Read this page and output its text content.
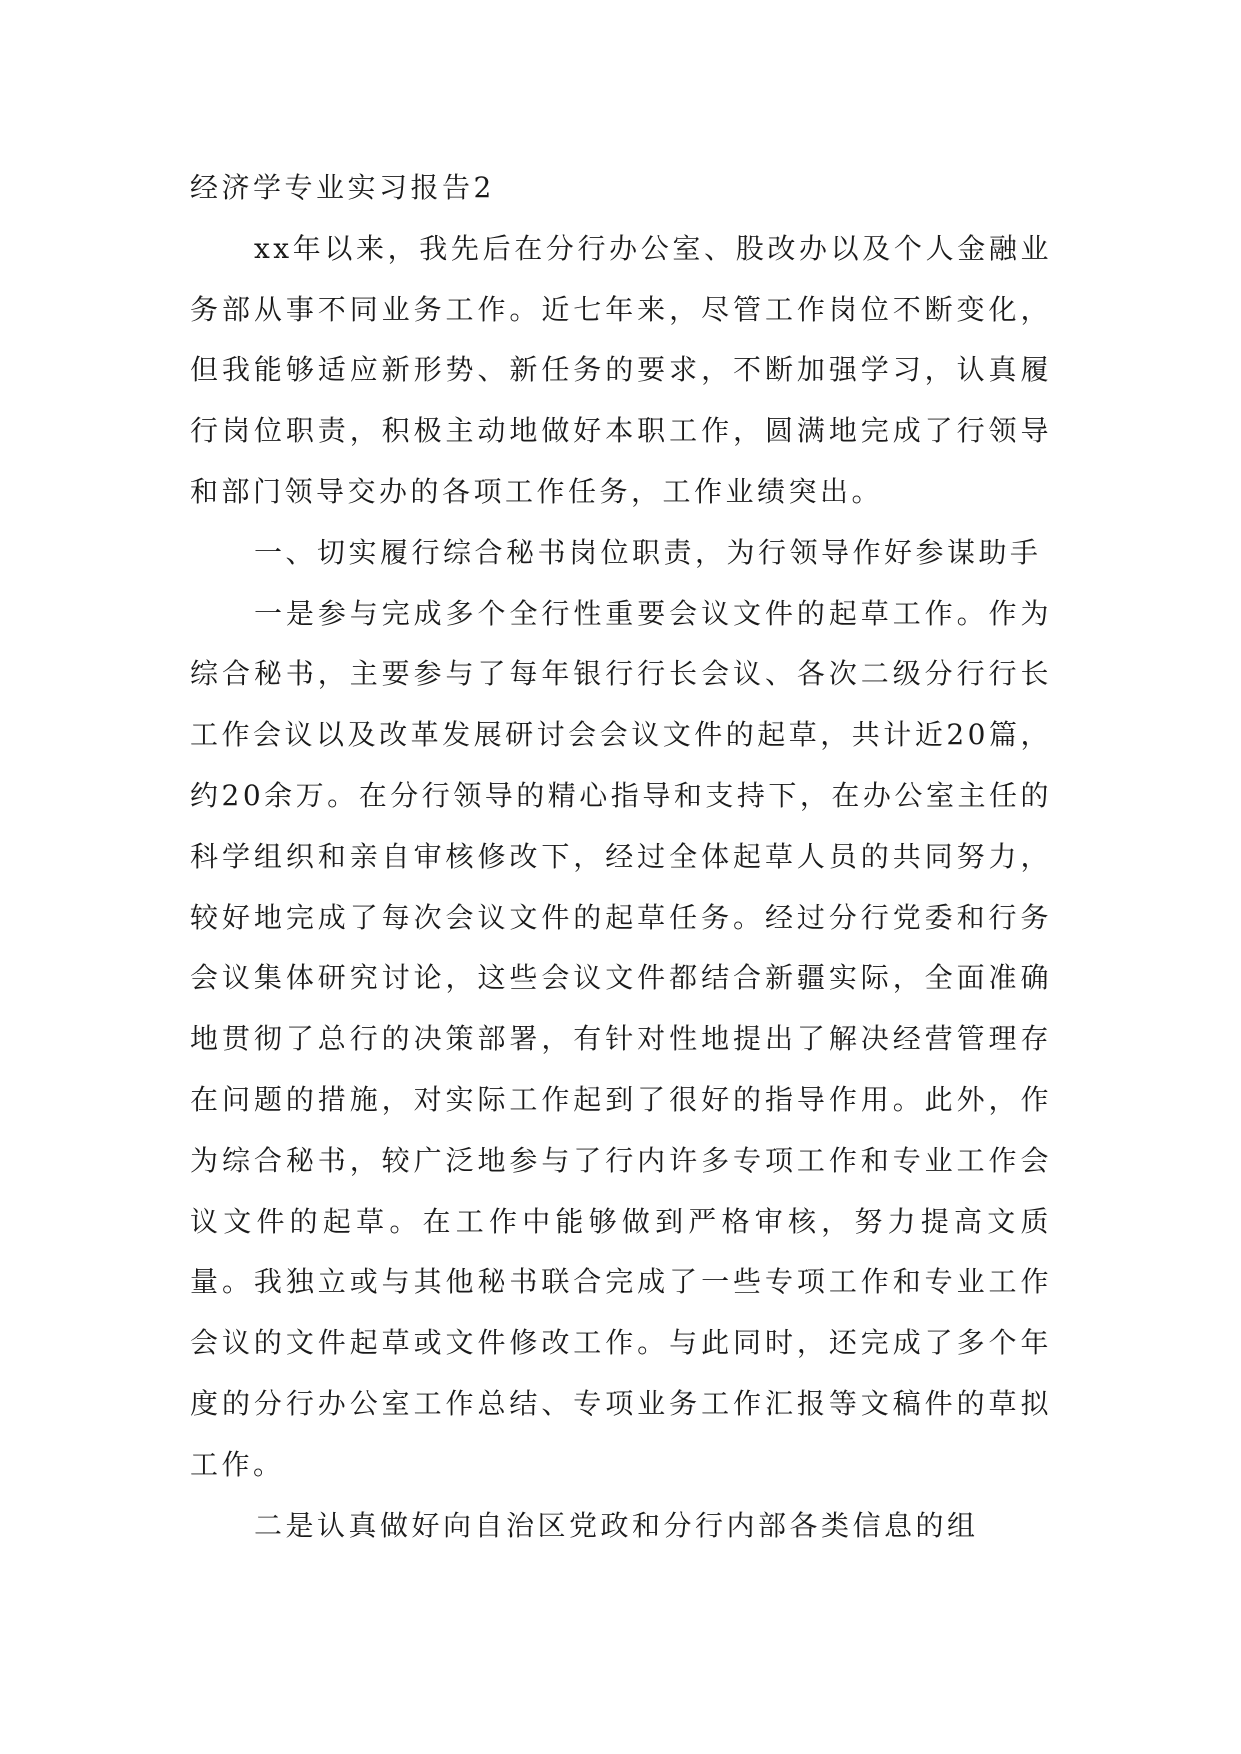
经济学专业实习报告2

xx年以来，我先后在分行办公室、股改办以及个人金融业务部从事不同业务工作。近七年来，尽管工作岗位不断变化，但我能够适应新形势、新任务的要求，不断加强学习，认真履行岗位职责，积极主动地做好本职工作，圆满地完成了行领导和部门领导交办的各项工作任务，工作业绩突出。

一、切实履行综合秘书岗位职责，为行领导作好参谋助手

一是参与完成多个全行性重要会议文件的起草工作。作为综合秘书，主要参与了每年银行行长会议、各次二级分行行长工作会议以及改革发展研讨会会议文件的起草，共计近20篇，约20余万。在分行领导的精心指导和支持下，在办公室主任的科学组织和亲自审核修改下，经过全体起草人员的共同努力，较好地完成了每次会议文件的起草任务。经过分行党委和行务会议集体研究讨论，这些会议文件都结合新疆实际，全面准确地贯彻了总行的决策部署，有针对性地提出了解决经营管理存在问题的措施，对实际工作起到了很好的指导作用。此外，作为综合秘书，较广泛地参与了行内许多专项工作和专业工作会议文件的起草。在工作中能够做到严格审核，努力提高文质量。我独立或与其他秘书联合完成了一些专项工作和专业工作会议的文件起草或文件修改工作。与此同时，还完成了多个年度的分行办公室工作总结、专项业务工作汇报等文稿件的草拟工作。

二是认真做好向自治区党政和分行内部各类信息的组
